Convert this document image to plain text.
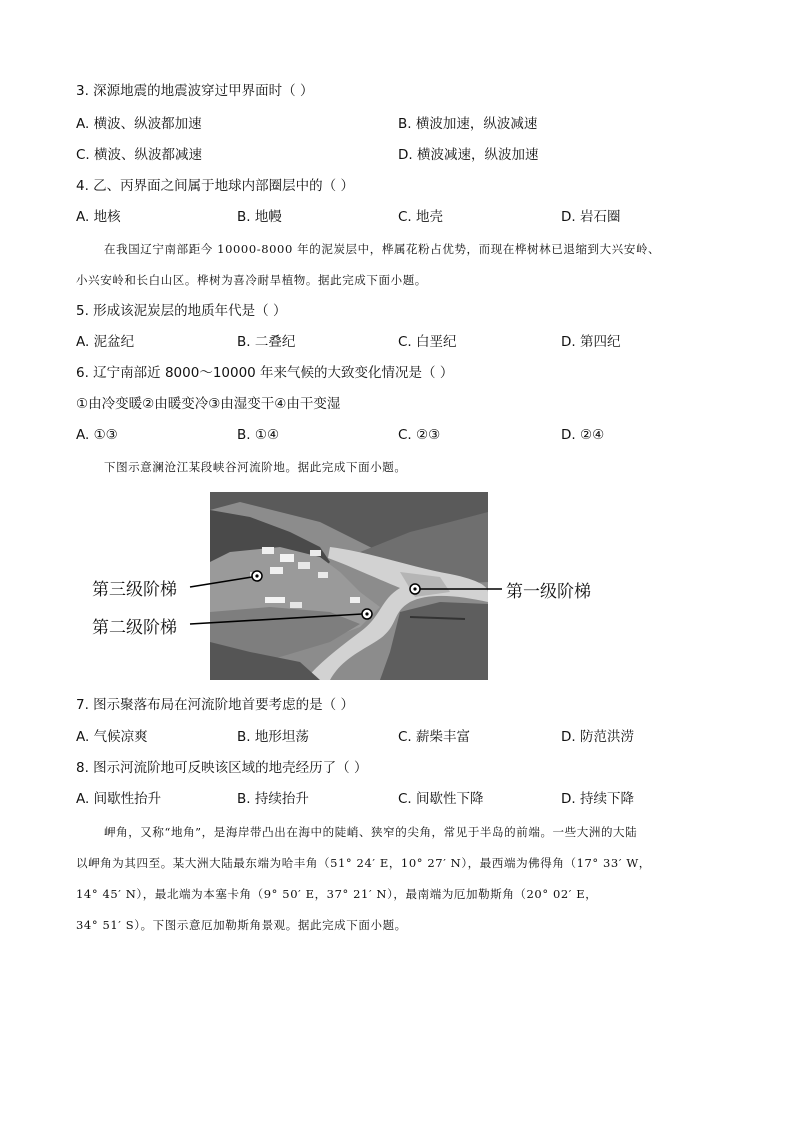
3. 深源地震的地震波穿过甲界面时（ ）
A. 横波、纵波都加速	B. 横波加速，纵波减速
C. 横波、纵波都减速	D. 横波减速，纵波加速
4. 乙、丙界面之间属于地球内部圈层中的（ ）
A. 地核	B. 地幔	C. 地壳	D. 岩石圈
在我国辽宁南部距今 10000-8000 年的泥炭层中，桦属花粉占优势，而现在桦树林已退缩到大兴安岭、
小兴安岭和长白山区。桦树为喜冷耐旱植物。据此完成下面小题。
5. 形成该泥炭层的地质年代是（ ）
A. 泥盆纪	B. 二叠纪	C. 白垩纪	D. 第四纪
6. 辽宁南部近 8000～10000 年来气候的大致变化情况是（ ）
①由冷变暖②由暖变冷③由湿变干④由干变湿
A. ①③	B. ①④	C. ②③	D. ②④
下图示意澜沧江某段峡谷河流阶地。据此完成下面小题。
第三级阶梯
第二级阶梯
第一级阶梯
7. 图示聚落布局在河流阶地首要考虑的是（ ）
A. 气候凉爽	B. 地形坦荡	C. 薪柴丰富	D. 防范洪涝
8. 图示河流阶地可反映该区域的地壳经历了（ ）
A. 间歇性抬升	B. 持续抬升	C. 间歇性下降	D. 持续下降
岬角，又称“地角”，是海岸带凸出在海中的陡峭、狭窄的尖角，常见于半岛的前端。一些大洲的大陆
以岬角为其四至。某大洲大陆最东端为哈丰角（51° 24′ E，10° 27′ N），最西端为佛得角（17° 33′ W，
14° 45′ N），最北端为本塞卡角（9° 50′ E，37° 21′ N），最南端为厄加勒斯角（20° 02′ E，
34° 51′ S）。下图示意厄加勒斯角景观。据此完成下面小题。
